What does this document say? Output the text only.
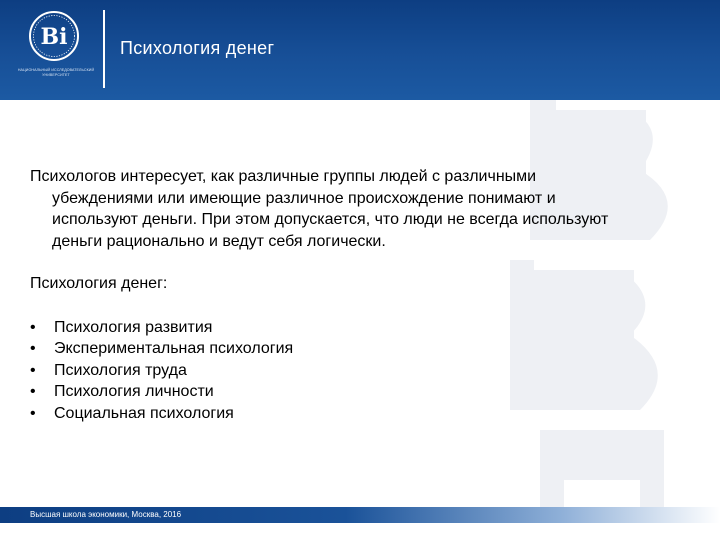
Ві
НАЦИОНАЛЬНЫЙ ИССЛЕДОВАТЕЛЬСКИЙ УНИВЕРСИТЕТ
Психология денег

Психологов интересует, как различные группы людей с различными убеждениями или имеющие различное происхождение понимают и используют деньги. При этом допускается, что люди не всегда используют деньги рационально и ведут себя логически.

Психология денег:

• Психология развития
• Экспериментальная психология
• Психология труда
• Психология личности
• Социальная психология
Высшая школа экономики, Москва, 2016
